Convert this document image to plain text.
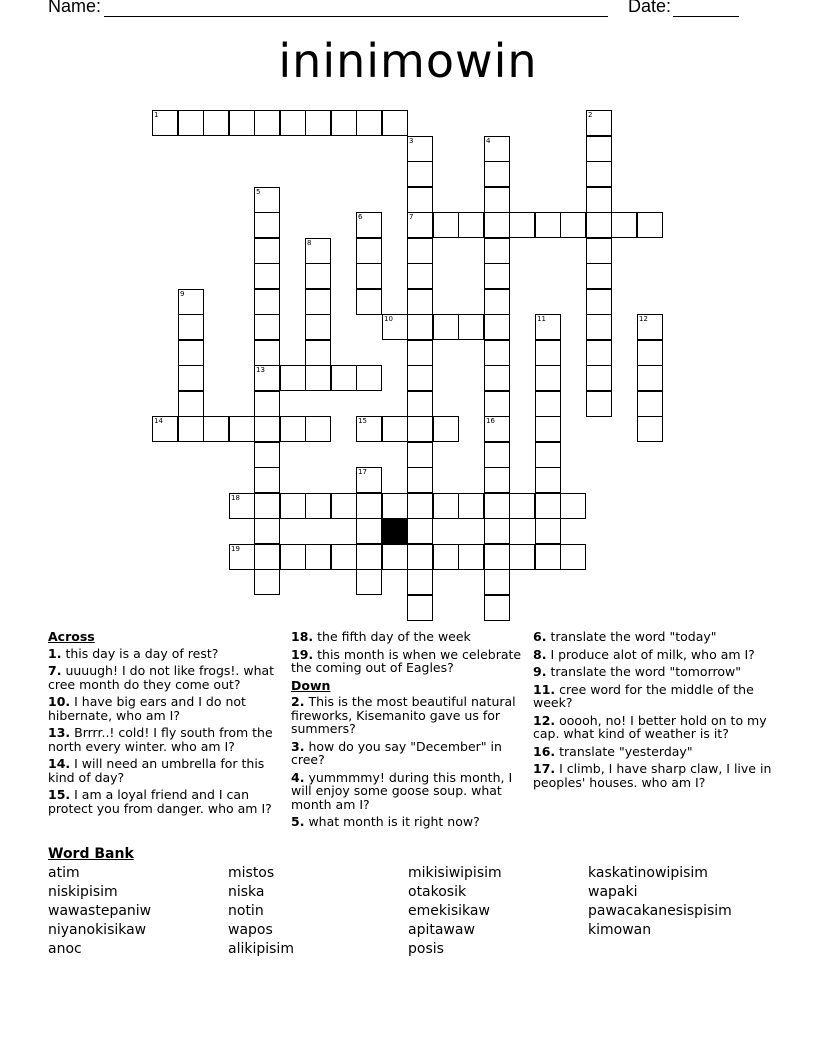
Name:	Date:
ininimowin
1	2
3
7
4
5
13
6
8
9
10	11	12
14	15	16
17
18
19
Across
1. this day is a day of rest?
7. uuuugh! I do not like frogs!. what cree month do they come out?
10. I have big ears and I do not hibernate, who am I?
13. Brrrr..! cold! I fly south from the north every winter. who am I?
14. I will need an umbrella for this kind of day?
15. I am a loyal friend and I can protect you from danger. who am I?
18. the fifth day of the week
19. this month is when we celebrate the coming out of Eagles?
Down
2. This is the most beautiful natural fireworks, Kisemanito gave us for summers?
3. how do you say "December" in cree?
4. yummmmy! during this month, I will enjoy some goose soup. what month am I?
5. what month is it right now?
6. translate the word "today"
8. I produce alot of milk, who am I?
9. translate the word "tomorrow"
11. cree word for the middle of the week?
12. ooooh, no! I better hold on to my cap. what kind of weather is it?
16. translate "yesterday"
17. I climb, I have sharp claw, I live in peoples' houses. who am I?
Word Bank
atim
niskipisim
wawastepaniw
niyanokisikaw
anoc
mistos
niska
notin
wapos
alikipisim
mikisiwipisim
otakosik
emekisikaw
apitawaw
posis
kaskatinowipisim
wapaki
pawacakanesispisim
kimowan
